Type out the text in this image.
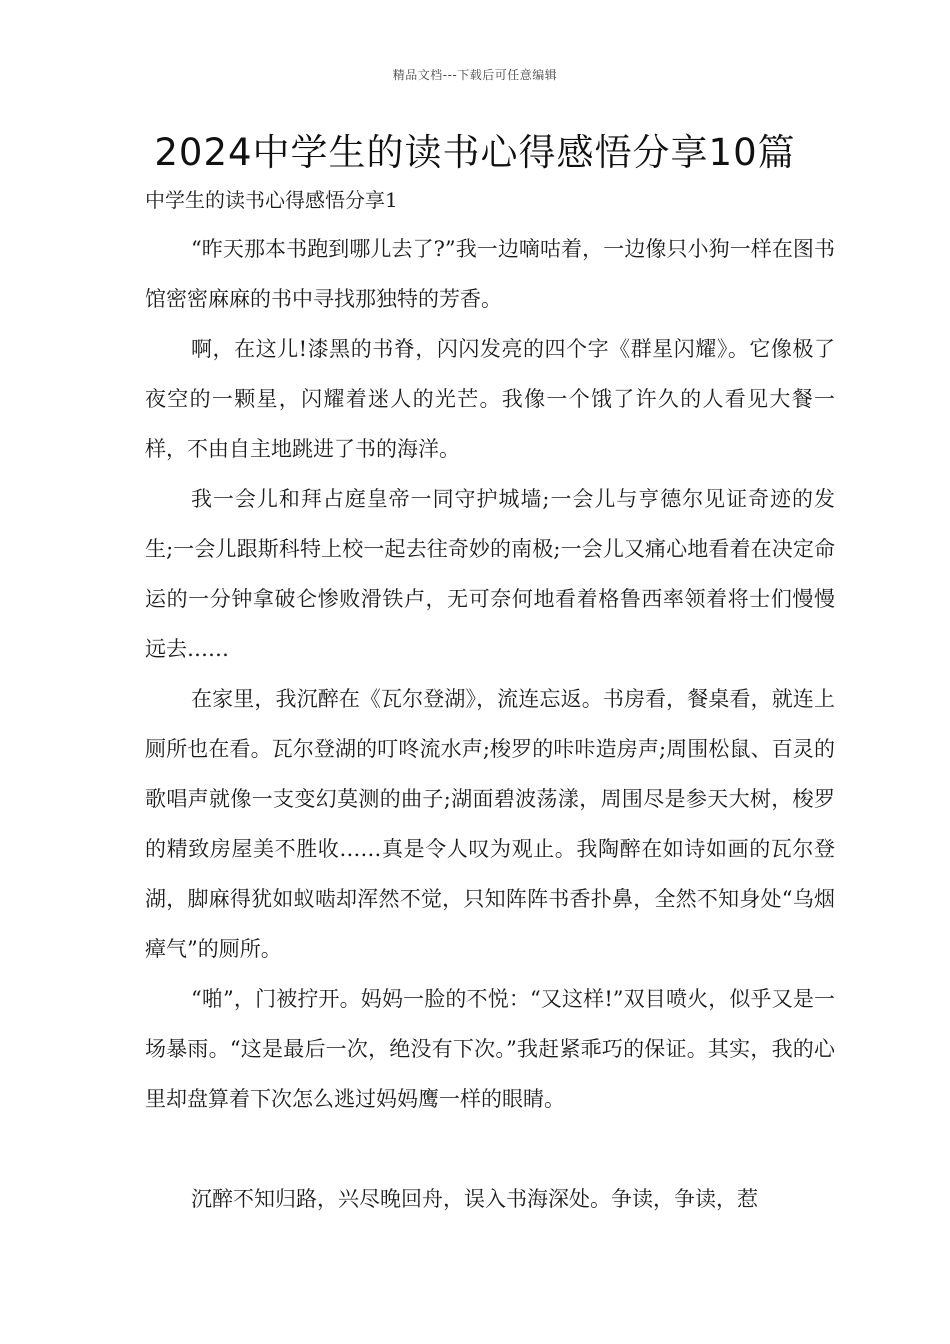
精品文档---下载后可任意编辑
2024中学生的读书心得感悟分享10篇
中学生的读书心得感悟分享1

“昨天那本书跑到哪儿去了?”我一边嘀咕着，一边像只小狗一样在图书馆密密麻麻的书中寻找那独特的芳香。

啊，在这儿!漆黑的书脊，闪闪发亮的四个字《群星闪耀》。它像极了夜空的一颗星，闪耀着迷人的光芒。我像一个饿了许久的人看见大餐一样，不由自主地跳进了书的海洋。

我一会儿和拜占庭皇帝一同守护城墙;一会儿与亨德尔见证奇迹的发生;一会儿跟斯科特上校一起去往奇妙的南极;一会儿又痛心地看着在决定命运的一分钟拿破仑惨败滑铁卢，无可奈何地看着格鲁西率领着将士们慢慢远去……

在家里，我沉醉在《瓦尔登湖》，流连忘返。书房看，餐桌看，就连上厕所也在看。瓦尔登湖的叮咚流水声;梭罗的咔咔造房声;周围松鼠、百灵的歌唱声就像一支变幻莫测的曲子;湖面碧波荡漾，周围尽是参天大树，梭罗的精致房屋美不胜收……真是令人叹为观止。我陶醉在如诗如画的瓦尔登湖，脚麻得犹如蚁啮却浑然不觉，只知阵阵书香扑鼻，全然不知身处“乌烟瘴气”的厕所。

“啪”，门被拧开。妈妈一脸的不悦：“又这样!”双目喷火，似乎又是一场暴雨。“这是最后一次，绝没有下次。”我赶紧乖巧的保证。其实，我的心里却盘算着下次怎么逃过妈妈鹰一样的眼睛。

沉醉不知归路，兴尽晚回舟，误入书海深处。争读，争读，惹
